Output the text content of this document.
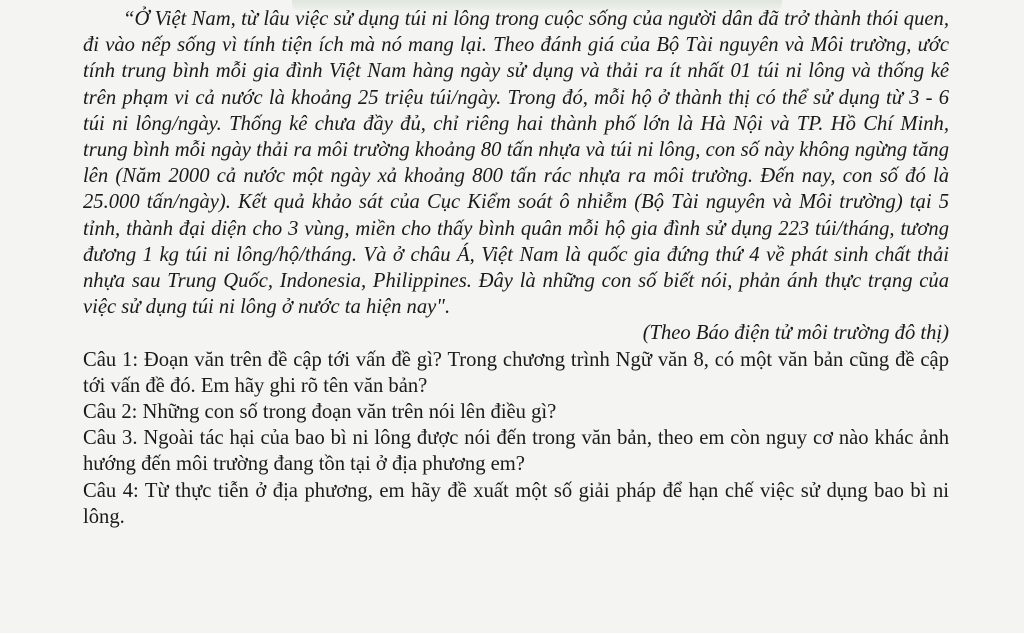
“Ở Việt Nam, từ lâu việc sử dụng túi ni lông trong cuộc sống của người dân đã trở thành thói quen, đi vào nếp sống vì tính tiện ích mà nó mang lại. Theo đánh giá của Bộ Tài nguyên và Môi trường, ước tính trung bình mỗi gia đình Việt Nam hàng ngày sử dụng và thải ra ít nhất 01 túi ni lông và thống kê trên phạm vi cả nước là khoảng 25 triệu túi/ngày. Trong đó, mỗi hộ ở thành thị có thể sử dụng từ 3 - 6 túi ni lông/ngày. Thống kê chưa đầy đủ, chỉ riêng hai thành phố lớn là Hà Nội và TP. Hồ Chí Minh, trung bình mỗi ngày thải ra môi trường khoảng 80 tấn nhựa và túi ni lông, con số này không ngừng tăng lên (Năm 2000 cả nước một ngày xả khoảng 800 tấn rác nhựa ra môi trường. Đến nay, con số đó là 25.000 tấn/ngày). Kết quả khảo sát của Cục Kiểm soát ô nhiễm (Bộ Tài nguyên và Môi trường) tại 5 tỉnh, thành đại diện cho 3 vùng, miền cho thấy bình quân mỗi hộ gia đình sử dụng 223 túi/tháng, tương đương 1 kg túi ni lông/hộ/tháng. Và ở châu Á, Việt Nam là quốc gia đứng thứ 4 về phát sinh chất thải nhựa sau Trung Quốc, Indonesia, Philippines. Đây là những con số biết nói, phản ánh thực trạng của việc sử dụng túi ni lông ở nước ta hiện nay".

(Theo Báo điện tử môi trường đô thị)

Câu 1: Đoạn văn trên đề cập tới vấn đề gì? Trong chương trình Ngữ văn 8, có một văn bản cũng đề cập tới vấn đề đó. Em hãy ghi rõ tên văn bản?
Câu 2: Những con số trong đoạn văn trên nói lên điều gì?
Câu 3. Ngoài tác hại của bao bì ni lông được nói đến trong văn bản, theo em còn nguy cơ nào khác ảnh hướng đến môi trường đang tồn tại ở địa phương em?
Câu 4: Từ thực tiễn ở địa phương, em hãy đề xuất một số giải pháp để hạn chế việc sử dụng bao bì ni lông.
